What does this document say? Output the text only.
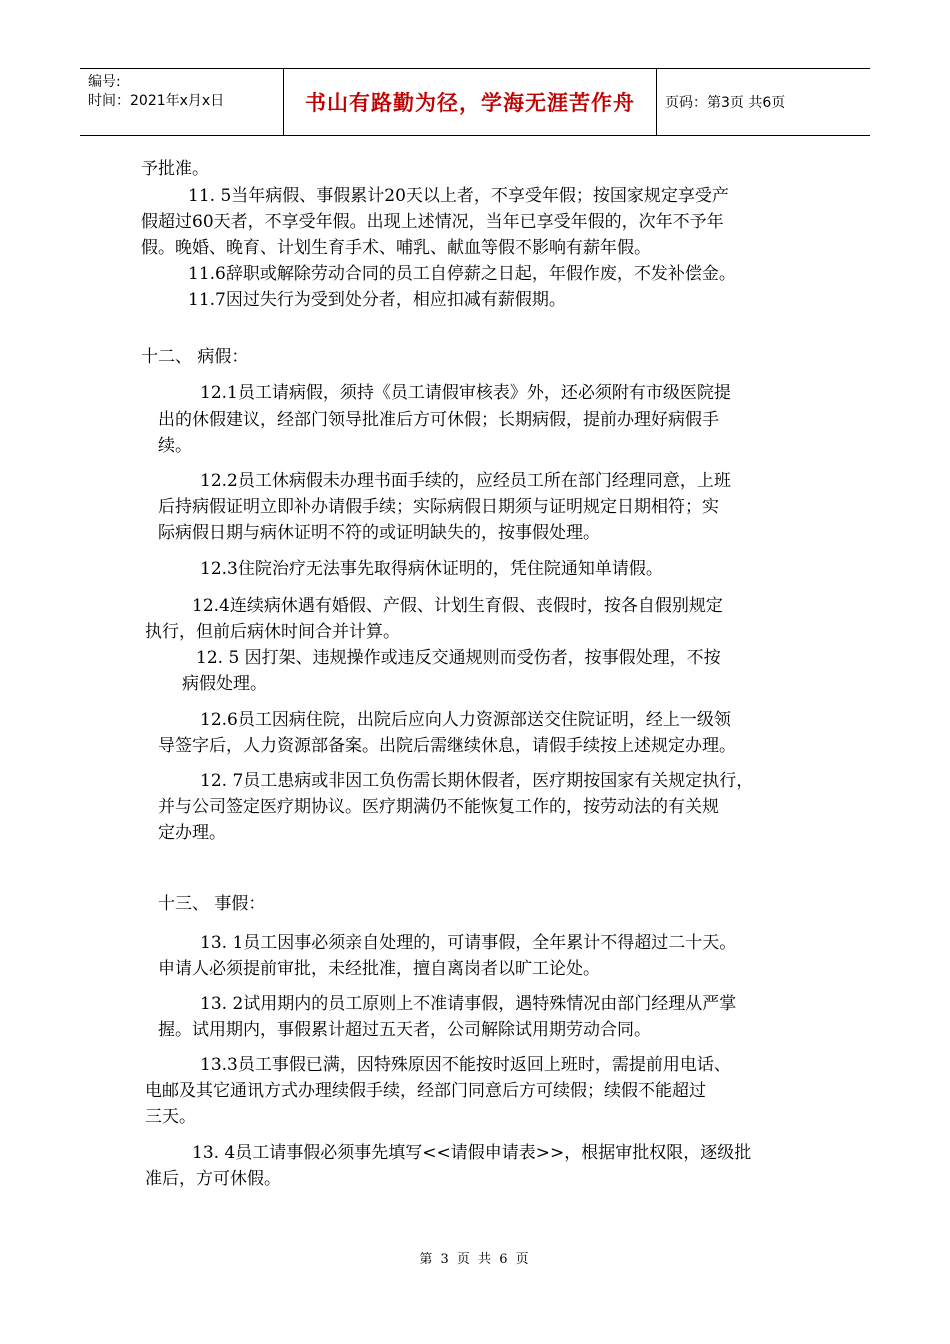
编号:
时间：2021年x月x日	书山有路勤为径，学海无涯苦作舟 页码：第3页 共6页
予批准。
11. 5当年病假、事假累计20天以上者，不享受年假；按国家规定享受产
假超过60天者，不享受年假。出现上述情况，当年已享受年假的，次年不予年
假。晚婚、晚育、计划生育手术、哺乳、献血等假不影响有薪年假。
11.6辞职或解除劳动合同的员工自停薪之日起，年假作废，不发补偿金。
11.7因过失行为受到处分者，相应扣减有薪假期。
十二、 病假：
12.1员工请病假，须持《员工请假审核表》外，还必须附有市级医院提
出的休假建议，经部门领导批准后方可休假；长期病假，提前办理好病假手
续。
12.2员工休病假未办理书面手续的，应经员工所在部门经理同意，上班
后持病假证明立即补办请假手续；实际病假日期须与证明规定日期相符；实
际病假日期与病休证明不符的或证明缺失的，按事假处理。
12.3住院治疗无法事先取得病休证明的，凭住院通知单请假。
12.4连续病休遇有婚假、产假、计划生育假、丧假时，按各自假别规定
执行，但前后病休时间合并计算。
12. 5 因打架、违规操作或违反交通规则而受伤者，按事假处理，不按
病假处理。
12.6员工因病住院，出院后应向人力资源部送交住院证明，经上一级领
导签字后，人力资源部备案。出院后需继续休息，请假手续按上述规定办理。
12. 7员工患病或非因工负伤需长期休假者，医疗期按国家有关规定执行，
并与公司签定医疗期协议。医疗期满仍不能恢复工作的，按劳动法的有关规
定办理。
十三、 事假：
13. 1员工因事必须亲自处理的，可请事假，全年累计不得超过二十天。
申请人必须提前审批，未经批准，擅自离岗者以旷工论处。
13. 2试用期内的员工原则上不准请事假，遇特殊情况由部门经理从严掌
握。试用期内，事假累计超过五天者，公司解除试用期劳动合同。
13.3员工事假已满，因特殊原因不能按时返回上班时，需提前用电话、
电邮及其它通讯方式办理续假手续，经部门同意后方可续假；续假不能超过
三天。
13. 4员工请事假必须事先填写<<请假申请表>>，根据审批权限，逐级批
准后，方可休假。
第 3 页 共 6 页
